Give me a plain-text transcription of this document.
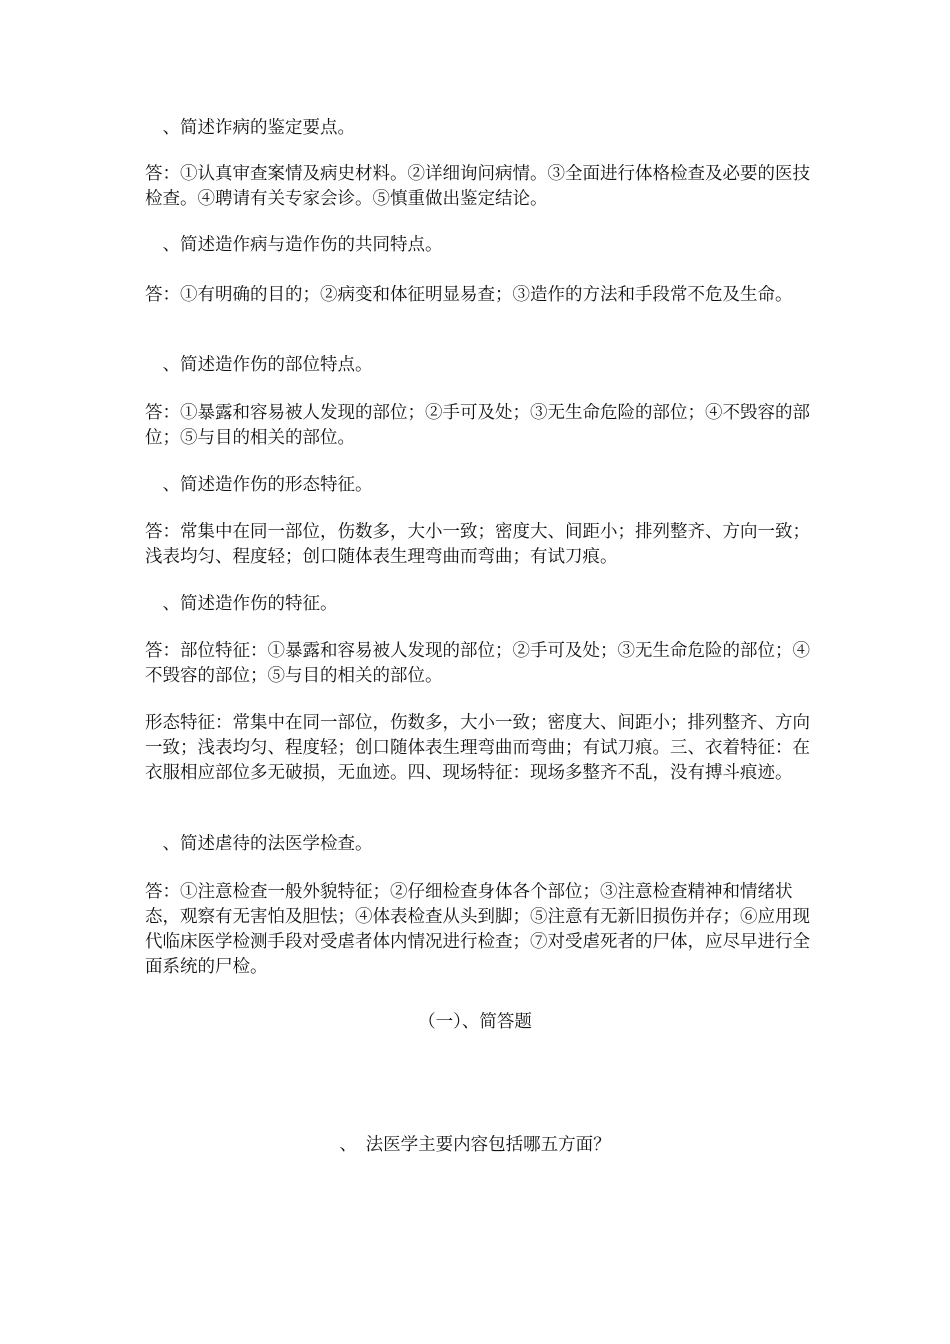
　、简述诈病的鉴定要点。

答：①认真审查案情及病史材料。②详细询问病情。③全面进行体格检查及必要的医技检查。④聘请有关专家会诊。⑤慎重做出鉴定结论。

　、简述造作病与造作伤的共同特点。

答：①有明确的目的；②病变和体征明显易查；③造作的方法和手段常不危及生命。

　、简述造作伤的部位特点。

答：①暴露和容易被人发现的部位；②手可及处；③无生命危险的部位；④不毁容的部位；⑤与目的相关的部位。

　、简述造作伤的形态特征。

答：常集中在同一部位，伤数多，大小一致；密度大、间距小；排列整齐、方向一致；浅表均匀、程度轻；创口随体表生理弯曲而弯曲；有试刀痕。

　、简述造作伤的特征。

答：部位特征：①暴露和容易被人发现的部位；②手可及处；③无生命危险的部位；④不毁容的部位；⑤与目的相关的部位。

形态特征：常集中在同一部位，伤数多，大小一致；密度大、间距小；排列整齐、方向一致；浅表均匀、程度轻；创口随体表生理弯曲而弯曲；有试刀痕。三、衣着特征：在衣服相应部位多无破损，无血迹。四、现场特征：现场多整齐不乱，没有搏斗痕迹。

　、简述虐待的法医学检查。

答：①注意检查一般外貌特征；②仔细检查身体各个部位；③注意检查精神和情绪状态，观察有无害怕及胆怯；④体表检查从头到脚；⑤注意有无新旧损伤并存；⑥应用现代临床医学检测手段对受虐者体内情况进行检查；⑦对受虐死者的尸体，应尽早进行全面系统的尸检。

（一）、简答题

、　法医学主要内容包括哪五方面？
